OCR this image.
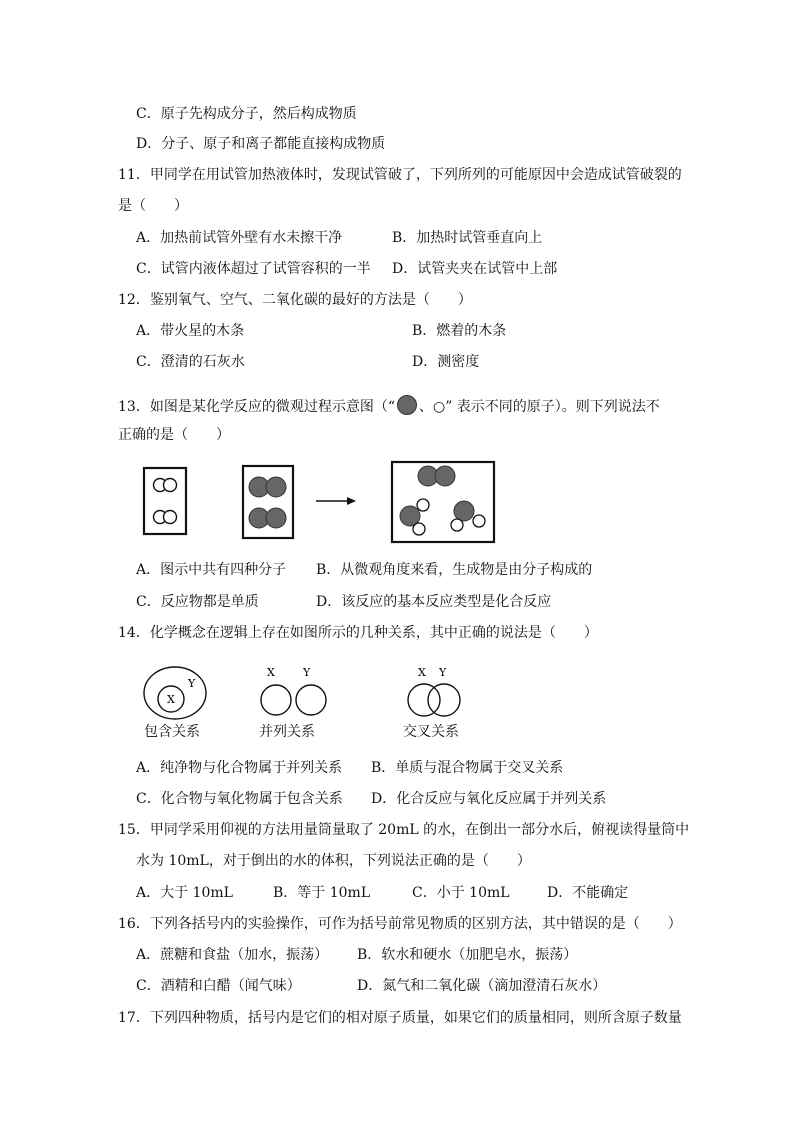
C．原子先构成分子，然后构成物质
D．分子、原子和离子都能直接构成物质
11．甲同学在用试管加热液体时，发现试管破了，下列所列的可能原因中会造成试管破裂的
是（　　）
A．加热前试管外壁有水未擦干净	B．加热时试管垂直向上
C．试管内液体超过了试管容积的一半 D．试管夹夹在试管中上部
12．鉴别氧气、空气、二氧化碳的最好的方法是（　　）
A．带火星的木条	B．燃着的木条
C．澄清的石灰水	D．测密度
13．如图是某化学反应的微观过程示意图（“ 、○” 表示不同的原子）。则下列说法不
正确的是（　　）
A．图示中共有四种分子 B．从微观角度来看，生成物是由分子构成的
C．反应物都是单质	D．该反应的基本反应类型是化合反应
14．化学概念在逻辑上存在如图所示的几种关系，其中正确的说法是（　　）
X
Y
包含关系
X	Y
并列关系
X Y
交叉关系
A．纯净物与化合物属于并列关系 B．单质与混合物属于交叉关系
C．化合物与氧化物属于包含关系 D．化合反应与氧化反应属于并列关系
15．甲同学采用仰视的方法用量筒量取了 20mL 的水，在倒出一部分水后，俯视读得量筒中
水为 10mL，对于倒出的水的体积，下列说法正确的是（　　）
A．大于 10mL	B．等于 10mL	C．小于 10mL	D．不能确定
16．下列各括号内的实验操作，可作为括号前常见物质的区别方法，其中错误的是（　　）
A．蔗糖和食盐（加水，振荡） B．软水和硬水（加肥皂水，振荡）
C．酒精和白醋（闻气味）	D．氮气和二氧化碳（滴加澄清石灰水）
17．下列四种物质，括号内是它们的相对原子质量，如果它们的质量相同，则所含原子数量
